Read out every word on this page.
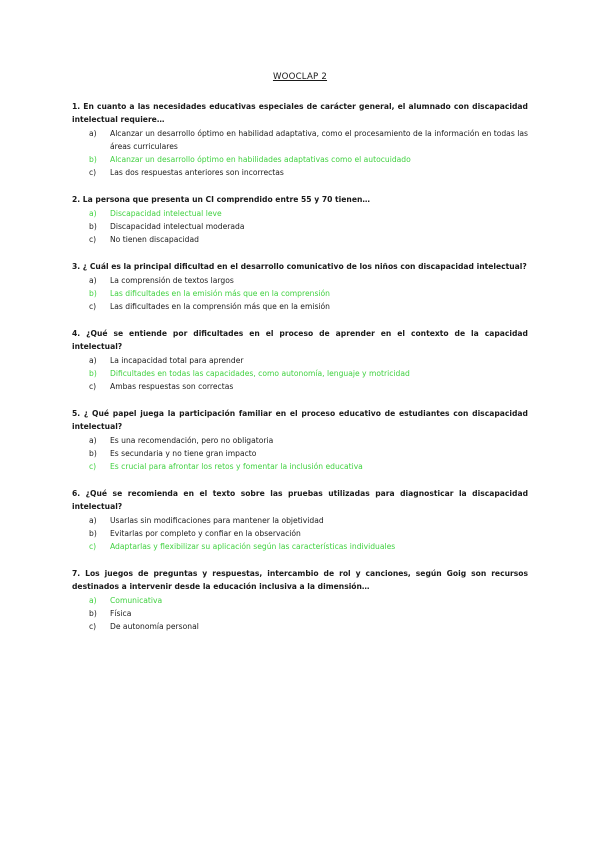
WOOCLAP 2
1. En cuanto a las necesidades educativas especiales de carácter general, el alumnado con discapacidad intelectual requiere…
a)	Alcanzar un desarrollo óptimo en habilidad adaptativa, como el procesamiento de la información en todas las áreas curriculares
b)	Alcanzar un desarrollo óptimo en habilidades adaptativas como el autocuidado
c)	Las dos respuestas anteriores son incorrectas
2. La persona que presenta un CI comprendido entre 55 y 70 tienen…
a)	Discapacidad intelectual leve
b)	Discapacidad intelectual moderada
c)	No tienen discapacidad
3. ¿ Cuál es la principal dificultad en el desarrollo comunicativo de los niños con discapacidad intelectual?
a)	La comprensión de textos largos
b)	Las dificultades en la emisión más que en la comprensión
c)	Las dificultades en la comprensión más que en la emisión
4. ¿Qué se entiende por dificultades en el proceso de aprender en el contexto de la capacidad intelectual?
a)	La incapacidad total para aprender
b)	Dificultades en todas las capacidades, como autonomía, lenguaje y motricidad
c)	Ambas respuestas son correctas
5. ¿ Qué papel juega la participación familiar en el proceso educativo de estudiantes con discapacidad intelectual?
a)	Es una recomendación, pero no obligatoria
b)	Es secundaria y no tiene gran impacto
c)	Es crucial para afrontar los retos y fomentar la inclusión educativa
6. ¿Qué se recomienda en el texto sobre las pruebas utilizadas para diagnosticar la discapacidad intelectual?
a)	Usarlas sin modificaciones para mantener la objetividad
b)	Evitarlas por completo y confiar en la observación
c)	Adaptarlas y flexibilizar su aplicación según las características individuales
7. Los juegos de preguntas y respuestas, intercambio de rol y canciones, según Goig son recursos destinados a intervenir desde la educación inclusiva a la dimensión…
a)	Comunicativa
b)	Física
c)	De autonomía personal
